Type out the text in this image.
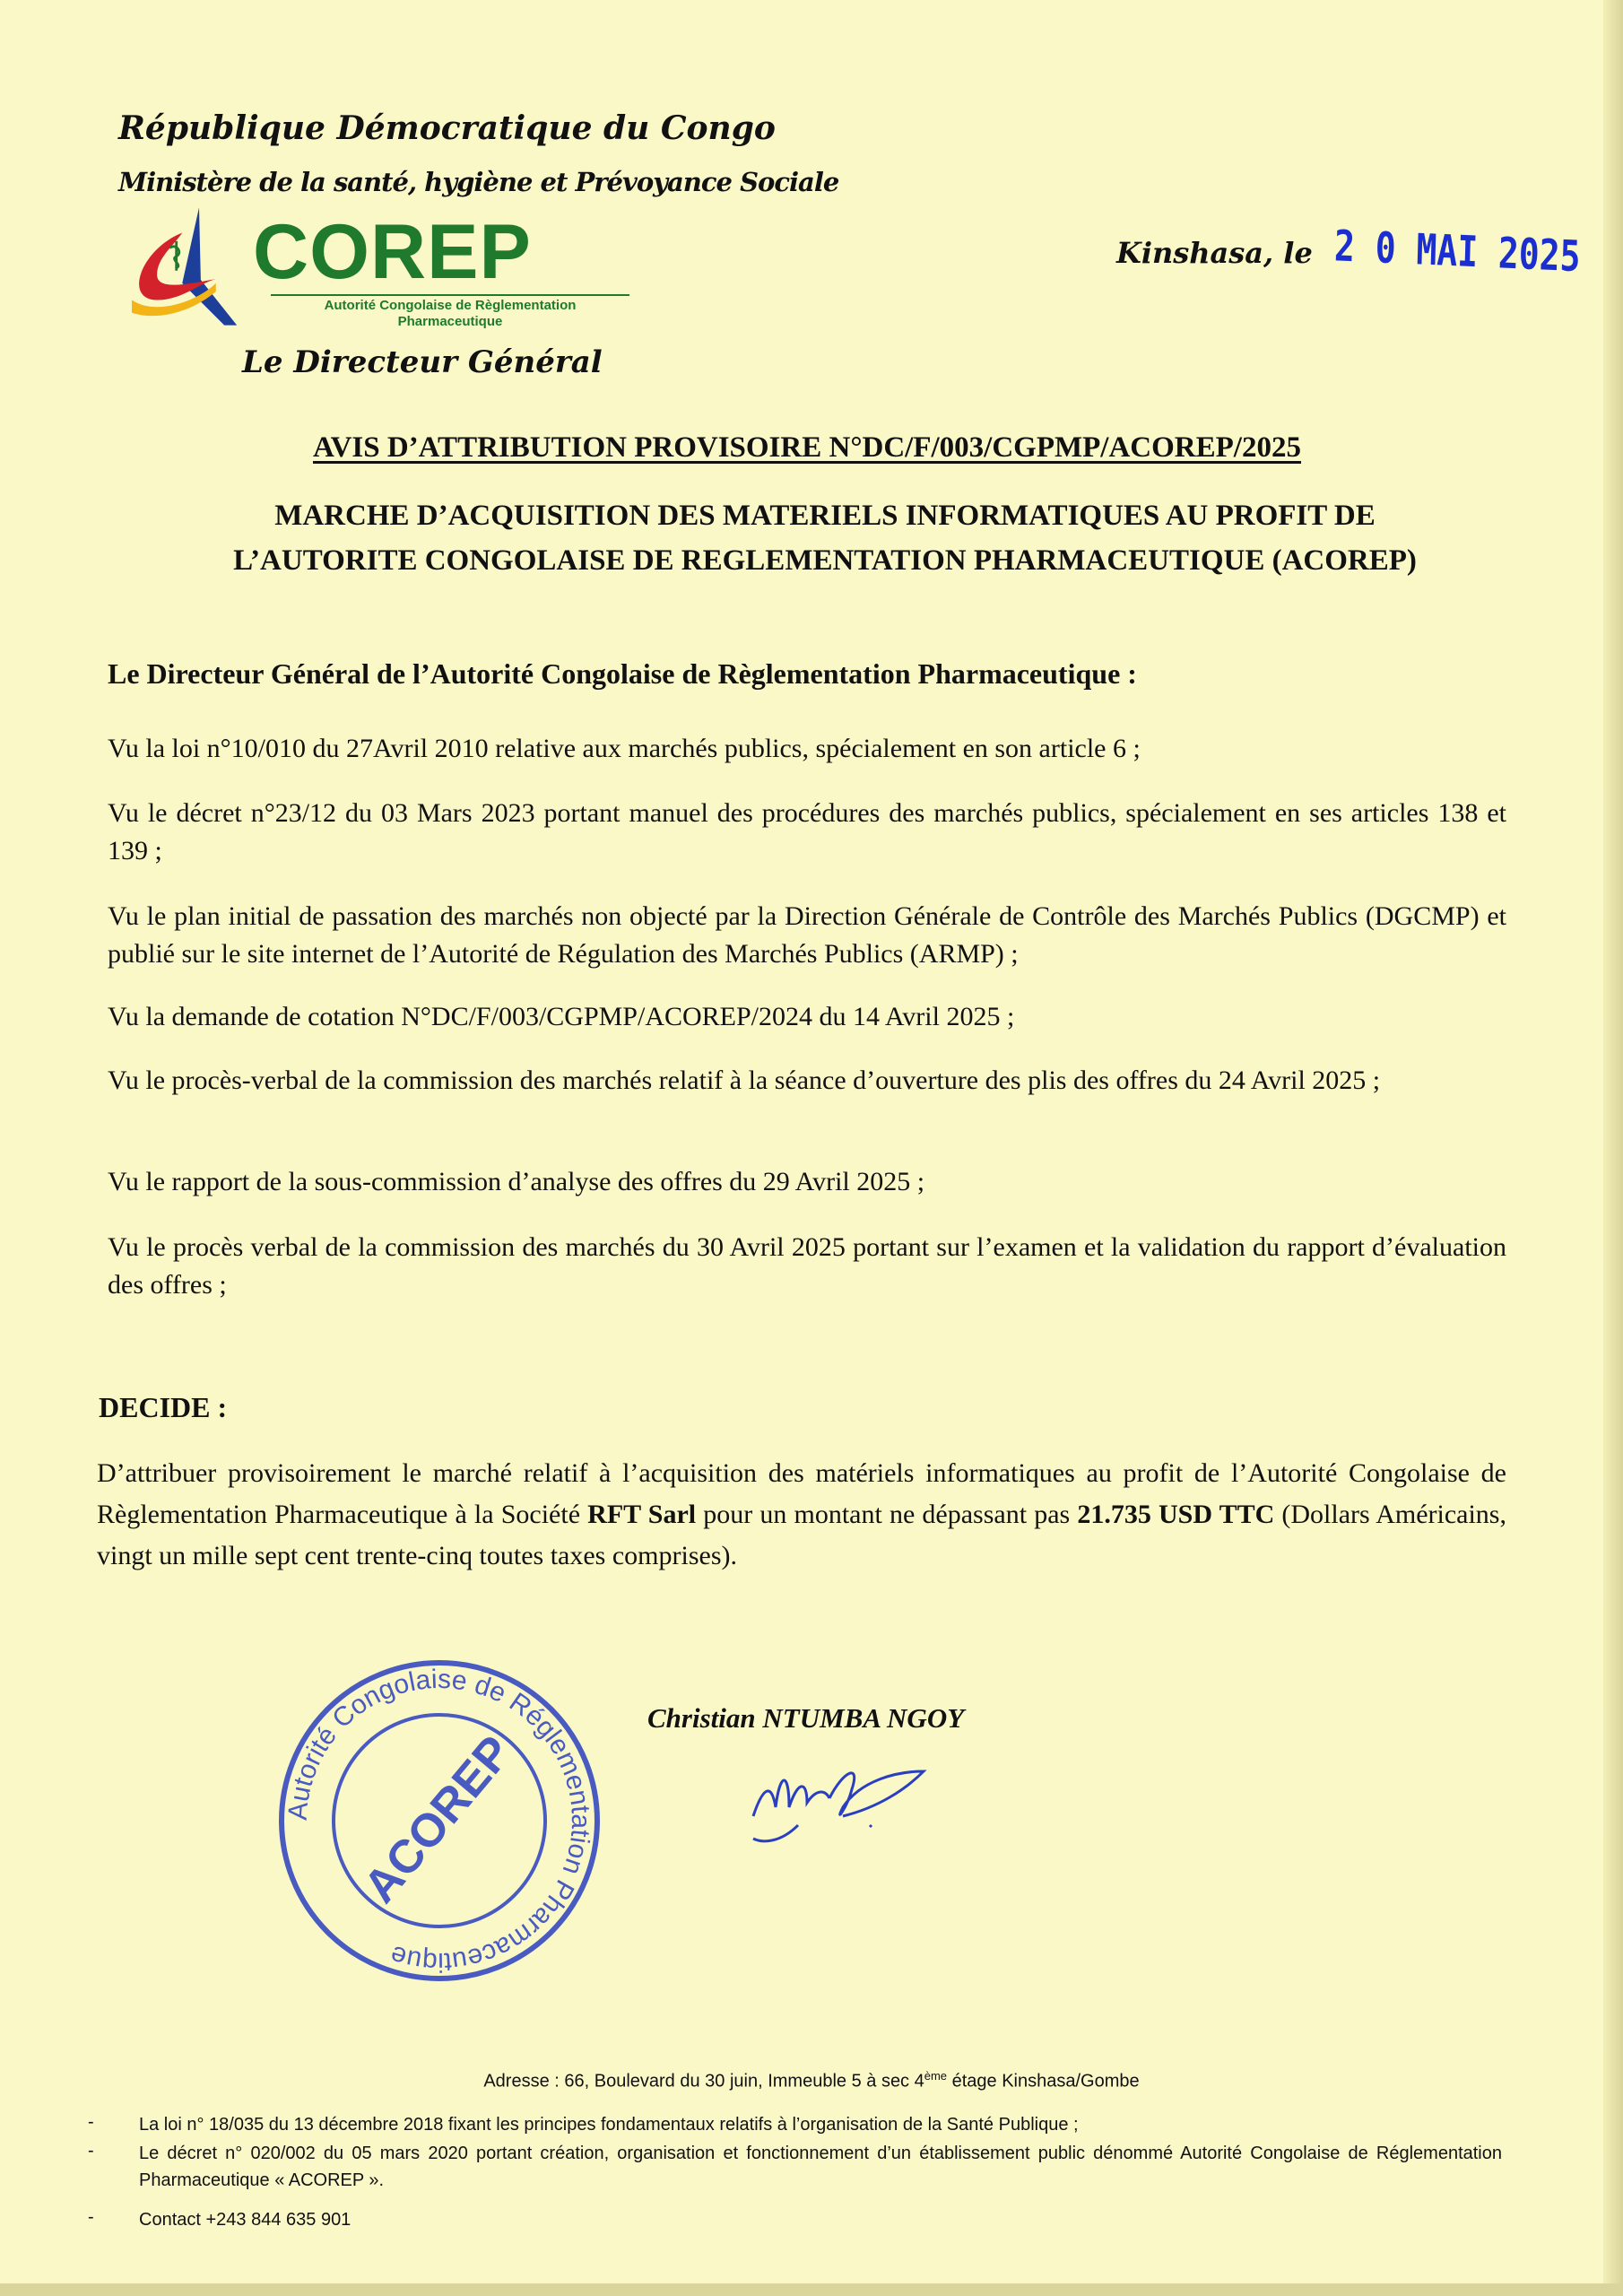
République Démocratique du Congo
Ministère de la santé, hygiène et Prévoyance Sociale
COREP
Autorité Congolaise de Règlementation Pharmaceutique
Le Directeur Général
Kinshasa, le 2 0 MAI 2025
AVIS D’ATTRIBUTION PROVISOIRE N°DC/F/003/CGPMP/ACOREP/2025
MARCHE D’ACQUISITION DES MATERIELS INFORMATIQUES AU PROFIT DE
L’AUTORITE CONGOLAISE DE REGLEMENTATION PHARMACEUTIQUE (ACOREP)
Le Directeur Général de l’Autorité Congolaise de Règlementation Pharmaceutique :
Vu la loi n°10/010 du 27Avril 2010 relative aux marchés publics, spécialement en son article 6 ;
Vu le décret n°23/12 du 03 Mars 2023 portant manuel des procédures des marchés publics, spécialement en ses articles 138 et 139 ;
Vu le plan initial de passation des marchés non objecté par la Direction Générale de Contrôle des Marchés Publics (DGCMP) et publié sur le site internet de l’Autorité de Régulation des Marchés Publics (ARMP) ;
Vu la demande de cotation N°DC/F/003/CGPMP/ACOREP/2024 du 14 Avril 2025 ;
Vu le procès-verbal de la commission des marchés relatif à la séance d’ouverture des plis des offres du 24 Avril 2025 ;
Vu le rapport de la sous-commission d’analyse des offres du 29 Avril 2025 ;
Vu le procès verbal de la commission des marchés du 30 Avril 2025 portant sur l’examen et la validation du rapport d’évaluation des offres ;
DECIDE :
D’attribuer provisoirement le marché relatif à l’acquisition des matériels informatiques au profit de l’Autorité Congolaise de Règlementation Pharmaceutique à la Société RFT Sarl pour un montant ne dépassant pas 21.735 USD TTC (Dollars Américains, vingt un mille sept cent trente-cinq toutes taxes comprises).
Autorité Congolaise de Réglementation Pharmaceutique
ACOREP
Christian NTUMBA NGOY
Adresse : 66, Boulevard du 30 juin, Immeuble 5 à sec 4ème étage Kinshasa/Gombe
-	La loi n° 18/035 du 13 décembre 2018 fixant les principes fondamentaux relatifs à l’organisation de la Santé Publique ;
-	Le décret n° 020/002 du 05 mars 2020 portant création, organisation et fonctionnement d’un établissement public dénommé Autorité Congolaise de Réglementation Pharmaceutique « ACOREP ».
-	Contact +243 844 635 901
